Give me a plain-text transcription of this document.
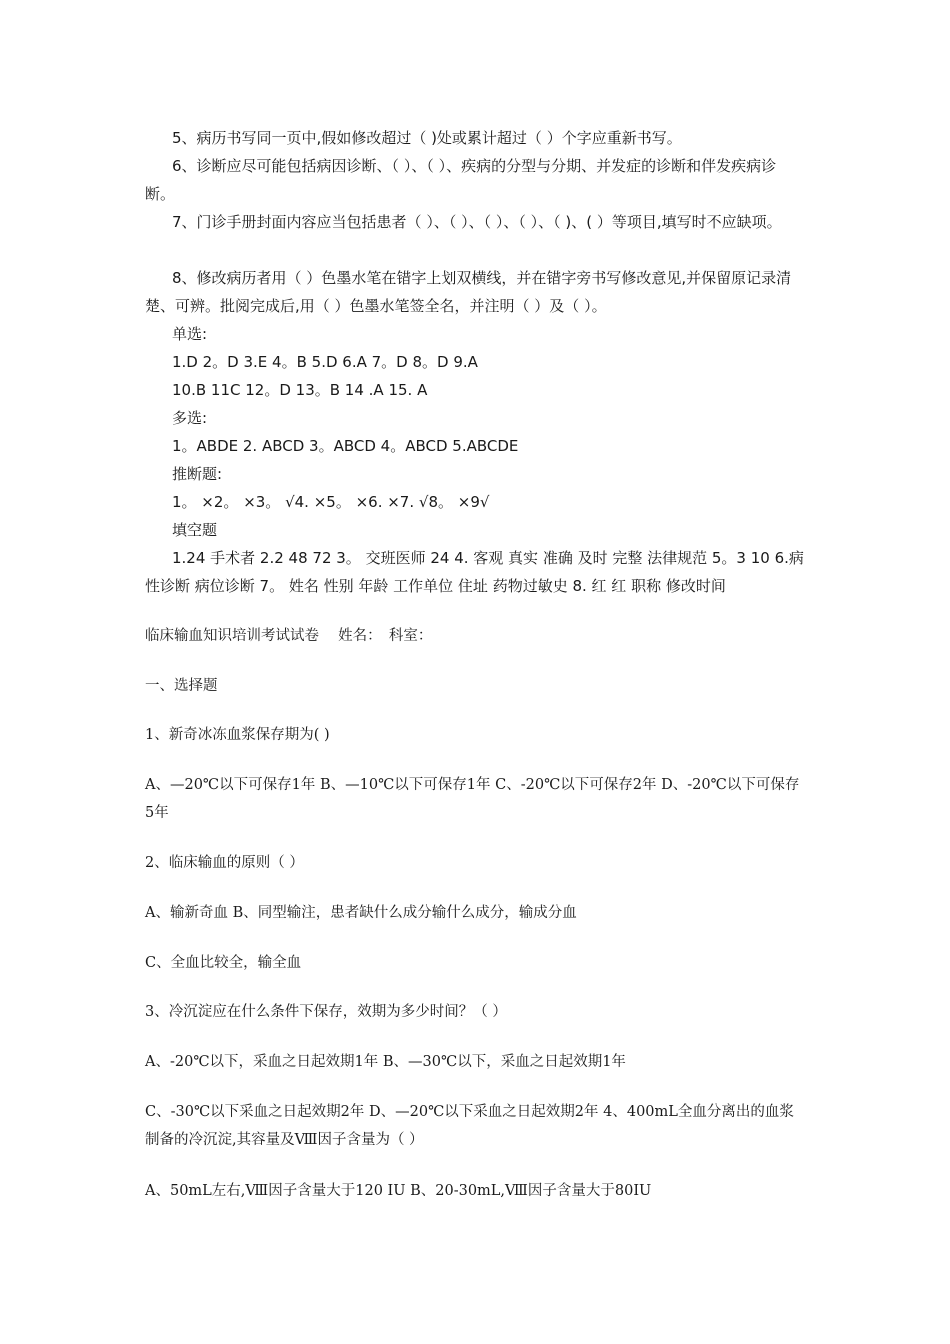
5、病历书写同一页中,假如修改超过（ )处或累计超过（ ）个字应重新书写。
6、诊断应尽可能包括病因诊断、（ ）、（ ）、疾病的分型与分期、并发症的诊断和伴发疾病诊断。
7、门诊手册封面内容应当包括患者（ ）、（ ）、（ ）、（ ）、（ )、( ）等项目,填写时不应缺项。
8、修改病历者用（ ）色墨水笔在错字上划双横线，并在错字旁书写修改意见,并保留原记录清楚、可辨。批阅完成后,用（ ）色墨水笔签全名，并注明（ ）及（ ）。
单选:
1.D 2。D 3.E 4。B 5.D 6.A 7。D 8。D 9.A
10.B 11C 12。D 13。B 14 .A 15. A
多选:
1。ABDE 2. ABCD 3。ABCD 4。ABCD 5.ABCDE
推断题:
1。 ×2。 ×3。 √4. ×5。 ×6. ×7. √8。 ×9√
填空题
1.24 手术者 2.2 48 72 3。 交班医师 24 4. 客观 真实 准确 及时 完整 法律规范 5。3 10 6.病性诊断 病位诊断 7。 姓名 性别 年龄 工作单位 住址 药物过敏史 8. 红 红 职称 修改时间
临床输血知识培训考试试卷　 姓名：　科室：
一、选择题
1、新奇冰冻血浆保存期为( )
A、—20℃以下可保存1年 B、—10℃以下可保存1年 C、-20℃以下可保存2年 D、-20℃以下可保存5年
2、临床输血的原则（ ）
A、输新奇血 B、同型输注，患者缺什么成分输什么成分，输成分血
C、全血比较全，输全血
3、冷沉淀应在什么条件下保存，效期为多少时间？（ ）
A、-20℃以下，采血之日起效期1年 B、—30℃以下，采血之日起效期1年
C、-30℃以下采血之日起效期2年 D、—20℃以下采血之日起效期2年 4、400mL全血分离出的血浆制备的冷沉淀,其容量及Ⅷ因子含量为（ ）
A、50mL左右,Ⅷ因子含量大于120 IU B、20-30mL,Ⅷ因子含量大于80IU
